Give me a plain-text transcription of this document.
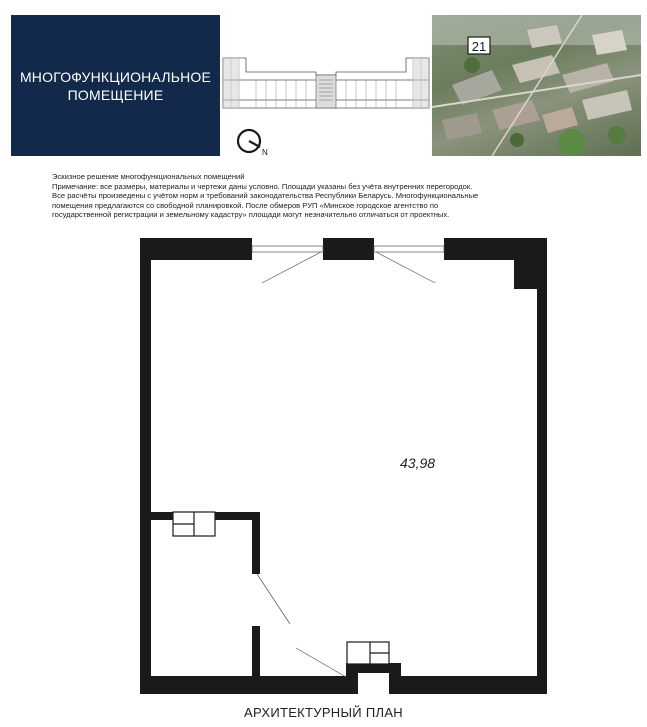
МНОГОФУНКЦИОНАЛЬНОЕ
ПОМЕЩЕНИЕ
N
21
Эскизное решение многофункциональных помещений
Примечание: все размеры, материалы и чертежи даны условно. Площади указаны без учёта внутренних перегородок.
Все расчёты произведены с учётом норм и требований законодательства Республики Беларусь. Многофункциональные
помещения предлагаются со свободной планировкой. После обмеров РУП «Минское городское агентство по
государственной регистрации и земельному кадастру» площади могут незначительно отличаться от проектных.
43,98
АРХИТЕКТУРНЫЙ ПЛАН
